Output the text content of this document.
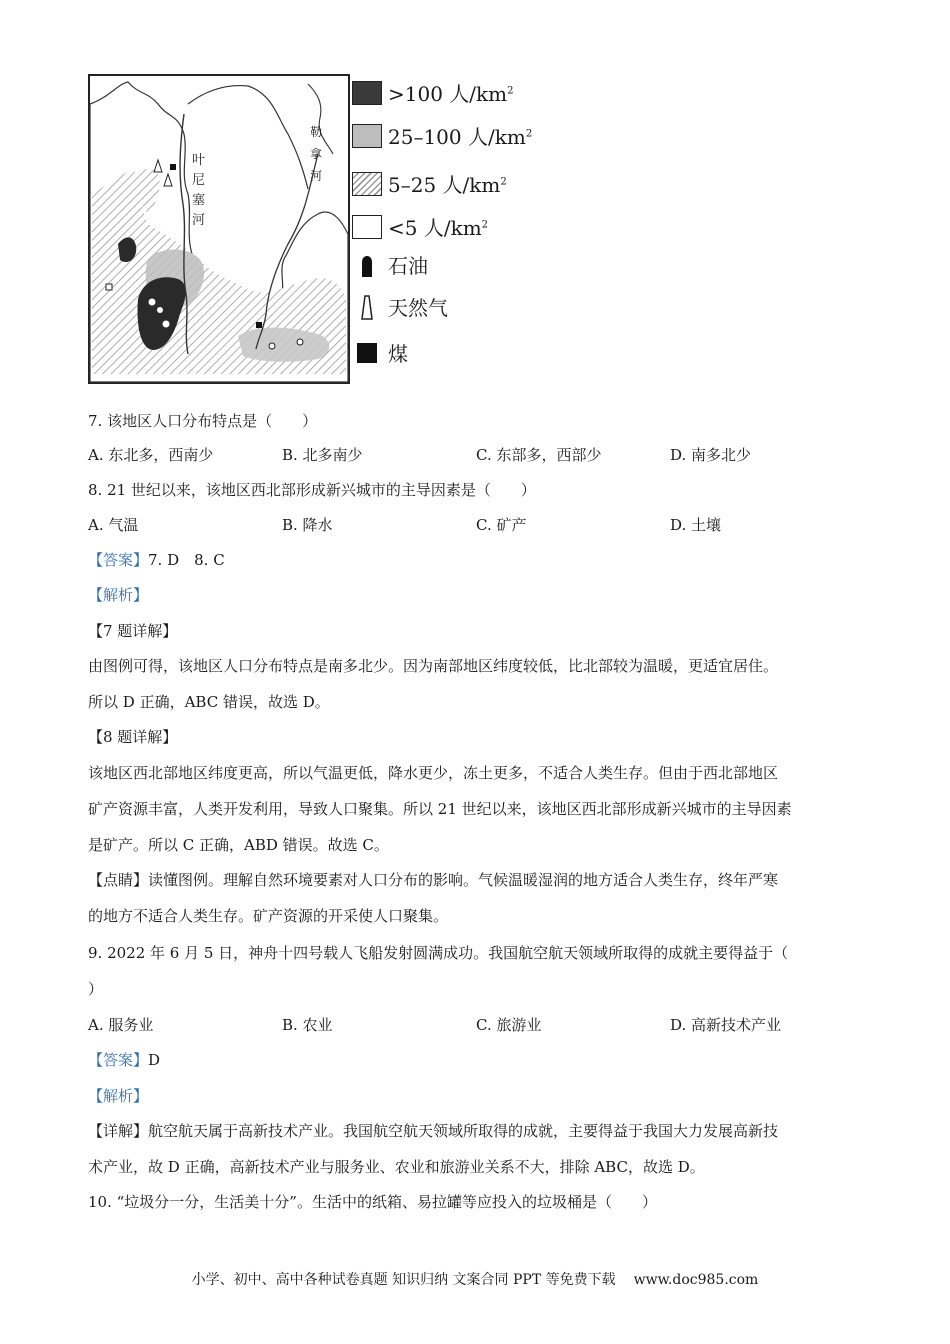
叶尼塞河
勒拿河
>100 人$/km^2$
25–100 人$/km^2$
5–25 人$/km^2$
<5 人$/km^2$
石油
天然气
煤
7. 该地区人口分布特点是（　　）
A. 东北多，西南少	B. 北多南少	C. 东部多，西部少	D. 南多北少
8. 21 世纪以来，该地区西北部形成新兴城市的主导因素是（　　）
A. 气温	B. 降水	C. 矿产	D. 土壤
【答案】7. D　8. C
【解析】
【7 题详解】
由图例可得，该地区人口分布特点是南多北少。因为南部地区纬度较低，比北部较为温暖，更适宜居住。
所以 D 正确，ABC 错误，故选 D。
【8 题详解】
该地区西北部地区纬度更高，所以气温更低，降水更少，冻土更多，不适合人类生存。但由于西北部地区
矿产资源丰富，人类开发利用，导致人口聚集。所以 21 世纪以来，该地区西北部形成新兴城市的主导因素
是矿产。所以 C 正确，ABD 错误。故选 C。
【点睛】读懂图例。理解自然环境要素对人口分布的影响。气候温暖湿润的地方适合人类生存，终年严寒
的地方不适合人类生存。矿产资源的开采使人口聚集。
9. 2022 年 6 月 5 日，神舟十四号载人飞船发射圆满成功。我国航空航天领域所取得的成就主要得益于（
）
A. 服务业	B. 农业	C. 旅游业	D. 高新技术产业
【答案】D
【解析】
【详解】航空航天属于高新技术产业。我国航空航天领域所取得的成就，主要得益于我国大力发展高新技
术产业，故 D 正确，高新技术产业与服务业、农业和旅游业关系不大，排除 ABC，故选 D。
10. “垃圾分一分，生活美十分”。生活中的纸箱、易拉罐等应投入的垃圾桶是（　　）
小学、初中、高中各种试卷真题 知识归纳 文案合同 PPT 等免费下载 www.doc985.com
